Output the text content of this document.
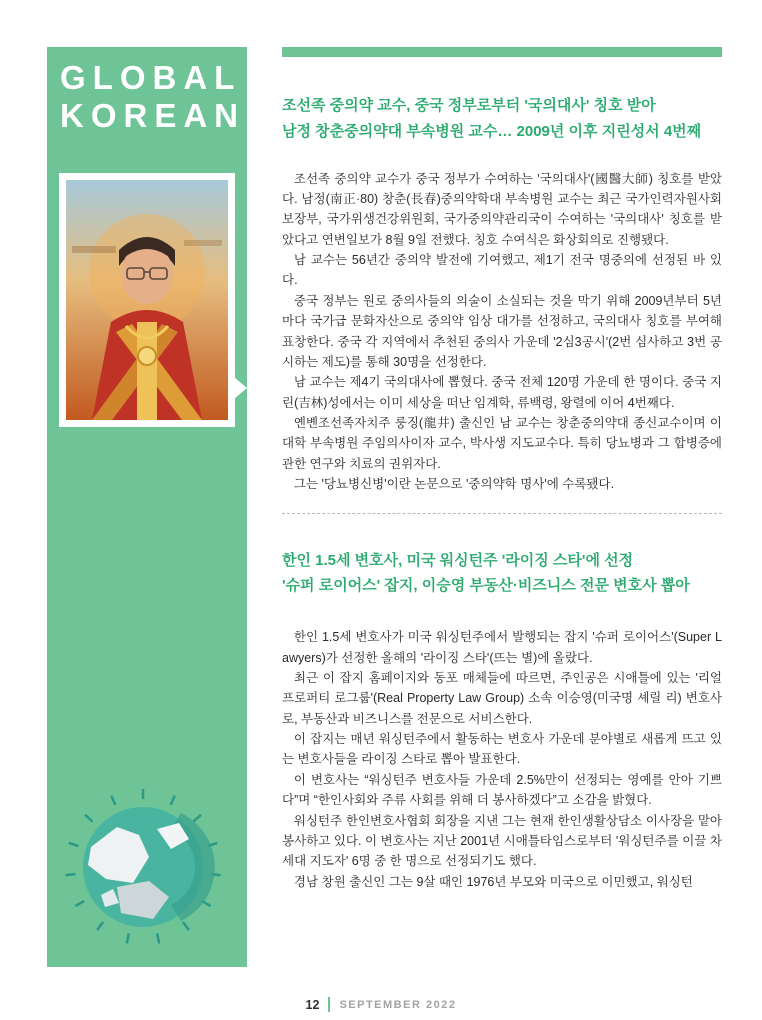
GLOBAL
KOREAN 조선족 중의약 교수, 중국 정부로부터 '국의대사' 칭호 받아
남정 창춘중의약대 부속병원 교수… 2009년 이후 지린성서 4번째

조선족 중의약 교수가 중국 정부가 수여하는 '국의대사'(國醫大師) 칭호를 받았다. 남정(南正·80) 창춘(長春)중의약학대 부속병원 교수는 최근 국가인력자원사회보장부, 국가위생건강위원회, 국가중의약관리국이 수여하는 '국의대사' 칭호를 받았다고 연변일보가 8월 9일 전했다. 칭호 수여식은 화상회의로 진행됐다.

남 교수는 56년간 중의약 발전에 기여했고, 제1기 전국 명중의에 선정된 바 있다.

중국 정부는 원로 중의사들의 의술이 소실되는 것을 막기 위해 2009년부터 5년마다 국가급 문화자산으로 중의약 임상 대가를 선정하고, 국의대사 칭호를 부여해 표창한다. 중국 각 지역에서 추천된 중의사 가운데 '2심3공시'(2번 심사하고 3번 공시하는 제도)를 통해 30명을 선정한다.

남 교수는 제4기 국의대사에 뽑혔다. 중국 전체 120명 가운데 한 명이다. 중국 지린(吉林)성에서는 이미 세상을 떠난 임계학, 류백령, 왕렬에 이어 4번째다.

옌볜조선족자치주 룽징(龍井) 출신인 남 교수는 창춘중의약대 종신교수이며 이 대학 부속병원 주임의사이자 교수, 박사생 지도교수다. 특히 당뇨병과 그 합병증에 관한 연구와 치료의 권위자다.

그는 '당뇨병신병'이란 논문으로 '중의약학 명사'에 수록됐다.

한인 1.5세 변호사, 미국 워싱턴주 '라이징 스타'에 선정
'슈퍼 로이어스' 잡지, 이승영 부동산·비즈니스 전문 변호사 뽑아

한인 1.5세 변호사가 미국 워싱턴주에서 발행되는 잡지 '슈퍼 로이어스'(Super Lawyers)가 선정한 올해의 '라이징 스타'(뜨는 별)에 올랐다.

최근 이 잡지 홈페이지와 동포 매체들에 따르면, 주인공은 시애틀에 있는 '리얼 프로퍼티 로그룹'(Real Property Law Group) 소속 이승영(미국명 셰릴 리) 변호사로, 부동산과 비즈니스를 전문으로 서비스한다.

이 잡지는 매년 워싱턴주에서 활동하는 변호사 가운데 분야별로 새롭게 뜨고 있는 변호사들을 라이징 스타로 뽑아 발표한다.

이 변호사는 “워싱턴주 변호사들 가운데 2.5%만이 선정되는 영예를 안아 기쁘다”며 “한인사회와 주류 사회를 위해 더 봉사하겠다”고 소감을 밝혔다.

워싱턴주 한인변호사협회 회장을 지낸 그는 현재 한인생활상담소 이사장을 맡아 봉사하고 있다. 이 변호사는 지난 2001년 시애틀타임스로부터 '워싱턴주를 이끌 차세대 지도자' 6명 중 한 명으로 선정되기도 했다.

경남 창원 출신인 그는 9살 때인 1976년 부모와 미국으로 이민했고, 워싱턴

12 SEPTEMBER 2022
